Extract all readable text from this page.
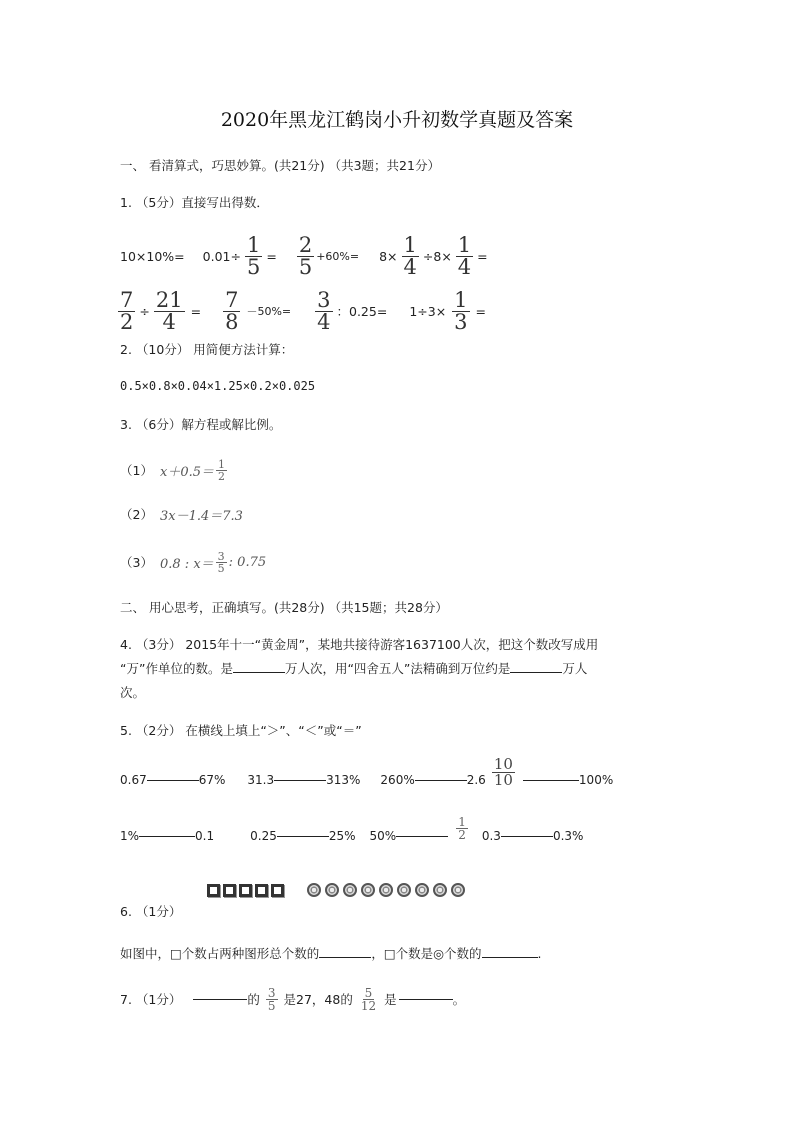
2020年黑龙江鹤岗小升初数学真题及答案
一、 看清算式，巧思妙算。(共21分) （共3题；共21分）
1. （5分）直接写出得数．
$10\times 10\%= 0.01\div \frac{1}{5} = \frac{2}{5} +60\%= 8\times \frac{1}{4} \div 8\times \frac{1}{4}$ =
$\frac{7}{2} \div \frac{21}{4} = \frac{7}{8} -50\%= \frac{3}{4}$ ：$0.25= 1\div 3\times \frac{1}{3}$ =
2. （10分） 用简便方法计算：
0.5×0.8×0.04×1.25×0.2×0.025
3. （6分）解方程或解比例。
（1） $x+0.5= \frac{1}{2}$
（2） 3x－1.4＝7.3
（3） 0.8 : $x= \frac{3}{5}$ : 0.75
二、 用心思考，正确填写。(共28分) （共15题；共28分）
4. （3分） 2015年十一“黄金周”，某地共接待游客1637100人次，把这个数改写成用
“万”作单位的数。是	万人次，用“四舍五人”法精确到万位约是	万人
次。
5. （2分） 在横线上填上“＞”、“＜”或“＝”
0.67	67% 31.3	313% 260%	$2.6 \frac{10}{10}$	100%
1%	0.1	0.25	25% 50%	$\frac{1}{2} 0.3$	0.3%
6. （1分）
如图中，□个数占两种图形总个数的	，□个数是◎个数的	.
7. （1分）	的 $\frac{3}{5}$ 是27，48的 $\frac{5}{12}$ 是	。
